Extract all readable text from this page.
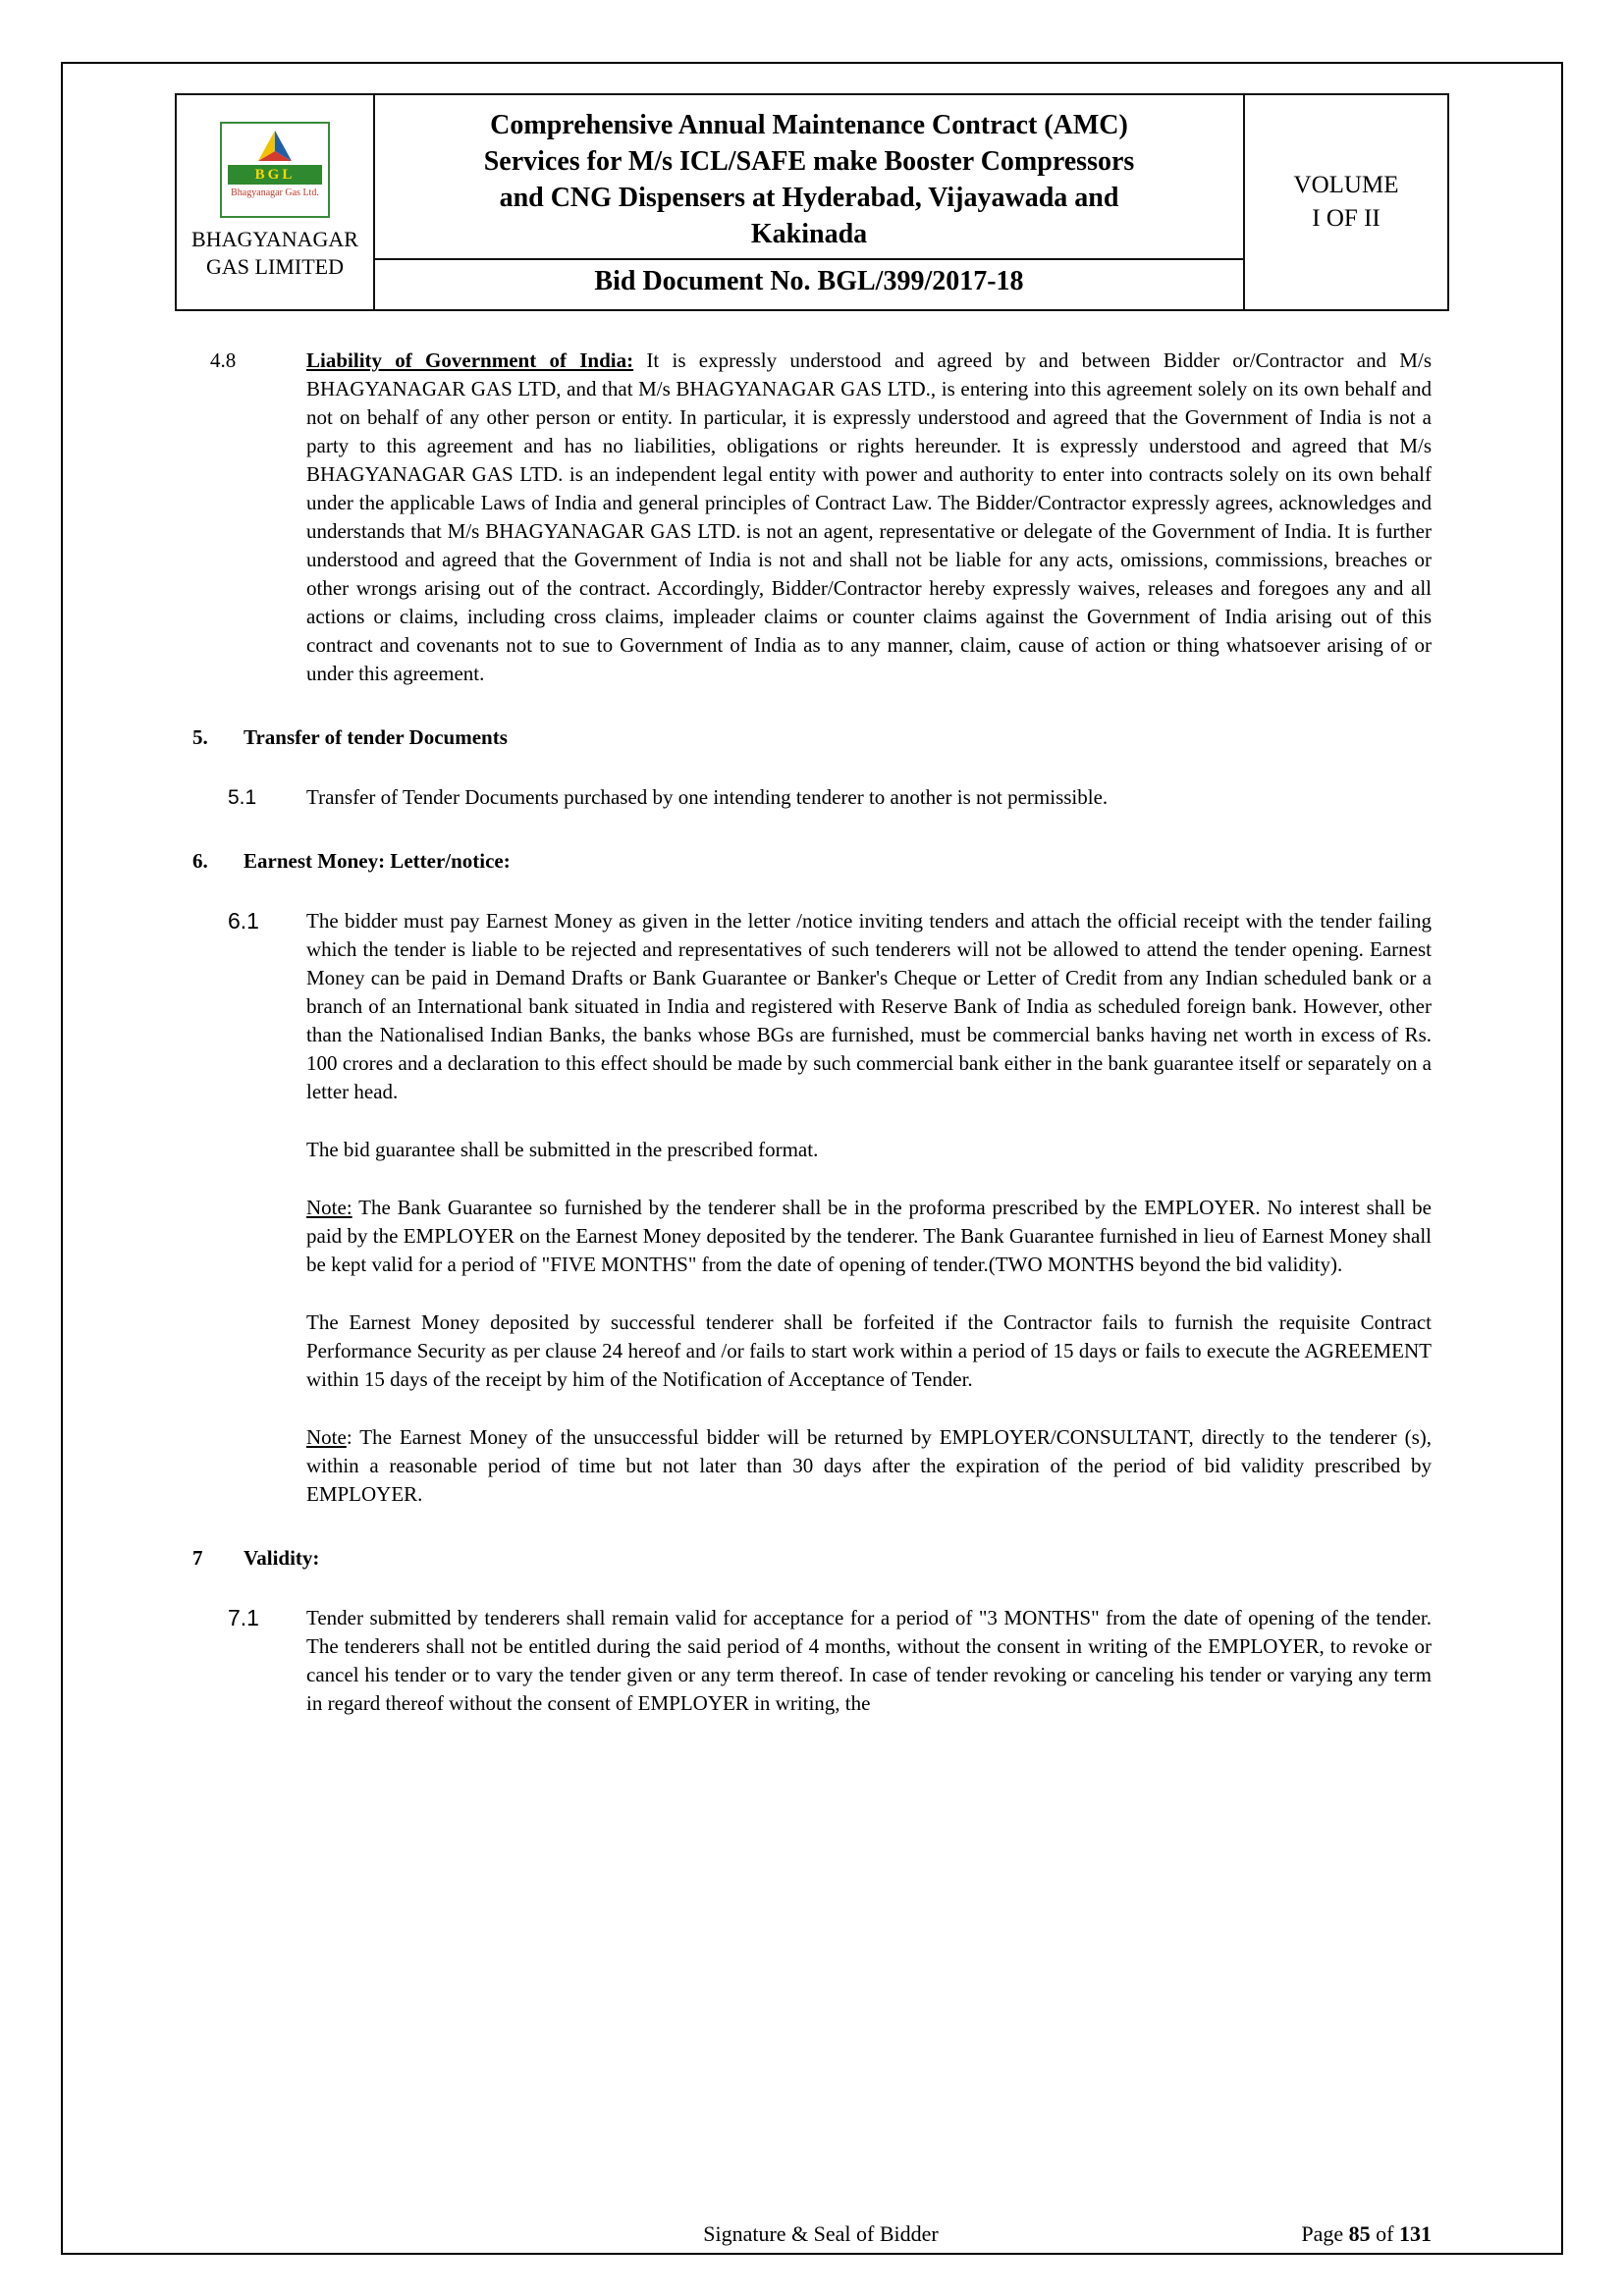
BGL
Bhagyanagar Gas Ltd.
BHAGYANAGAR
GAS LIMITED

Comprehensive Annual Maintenance Contract (AMC)
Services for M/s ICL/SAFE make Booster Compressors
and CNG Dispensers at Hyderabad, Vijayawada and
Kakinada
Bid Document No. BGL/399/2017-18
	VOLUME
I OF II
4.8	Liability of Government of India: It is expressly understood and agreed by and between Bidder or/Contractor and M/s BHAGYANAGAR GAS LTD, and that M/s BHAGYANAGAR GAS LTD., is entering into this agreement solely on its own behalf and not on behalf of any other person or entity. In particular, it is expressly understood and agreed that the Government of India is not a party to this agreement and has no liabilities, obligations or rights hereunder. It is expressly understood and agreed that M/s BHAGYANAGAR GAS LTD. is an independent legal entity with power and authority to enter into contracts solely on its own behalf under the applicable Laws of India and general principles of Contract Law. The Bidder/Contractor expressly agrees, acknowledges and understands that M/s BHAGYANAGAR GAS LTD. is not an agent, representative or delegate of the Government of India. It is further understood and agreed that the Government of India is not and shall not be liable for any acts, omissions, commissions, breaches or other wrongs arising out of the contract. Accordingly, Bidder/Contractor hereby expressly waives, releases and foregoes any and all actions or claims, including cross claims, impleader claims or counter claims against the Government of India arising out of this contract and covenants not to sue to Government of India as to any manner, claim, cause of action or thing whatsoever arising of or under this agreement.
5.	Transfer of tender Documents
5.1	Transfer of Tender Documents purchased by one intending tenderer to another is not permissible.
6.	Earnest Money: Letter/notice:
6.1	The bidder must pay Earnest Money as given in the letter /notice inviting tenders and attach the official receipt with the tender failing which the tender is liable to be rejected and representatives of such tenderers will not be allowed to attend the tender opening. Earnest Money can be paid in Demand Drafts or Bank Guarantee or Banker's Cheque or Letter of Credit from any Indian scheduled bank or a branch of an International bank situated in India and registered with Reserve Bank of India as scheduled foreign bank. However, other than the Nationalised Indian Banks, the banks whose BGs are furnished, must be commercial banks having net worth in excess of Rs. 100 crores and a declaration to this effect should be made by such commercial bank either in the bank guarantee itself or separately on a letter head.
The bid guarantee shall be submitted in the prescribed format.
Note: The Bank Guarantee so furnished by the tenderer shall be in the proforma prescribed by the EMPLOYER. No interest shall be paid by the EMPLOYER on the Earnest Money deposited by the tenderer. The Bank Guarantee furnished in lieu of Earnest Money shall be kept valid for a period of "FIVE MONTHS" from the date of opening of tender.(TWO MONTHS beyond the bid validity).
The Earnest Money deposited by successful tenderer shall be forfeited if the Contractor fails to furnish the requisite Contract Performance Security as per clause 24 hereof and /or fails to start work within a period of 15 days or fails to execute the AGREEMENT within 15 days of the receipt by him of the Notification of Acceptance of Tender.
Note: The Earnest Money of the unsuccessful bidder will be returned by EMPLOYER/CONSULTANT, directly to the tenderer (s), within a reasonable period of time but not later than 30 days after the expiration of the period of bid validity prescribed by EMPLOYER.
7	Validity:
7.1	Tender submitted by tenderers shall remain valid for acceptance for a period of "3 MONTHS" from the date of opening of the tender. The tenderers shall not be entitled during the said period of 4 months, without the consent in writing of the EMPLOYER, to revoke or cancel his tender or to vary the tender given or any term thereof. In case of tender revoking or canceling his tender or varying any term in regard thereof without the consent of EMPLOYER in writing, the
Signature & Seal of Bidder	Page 85 of 131
